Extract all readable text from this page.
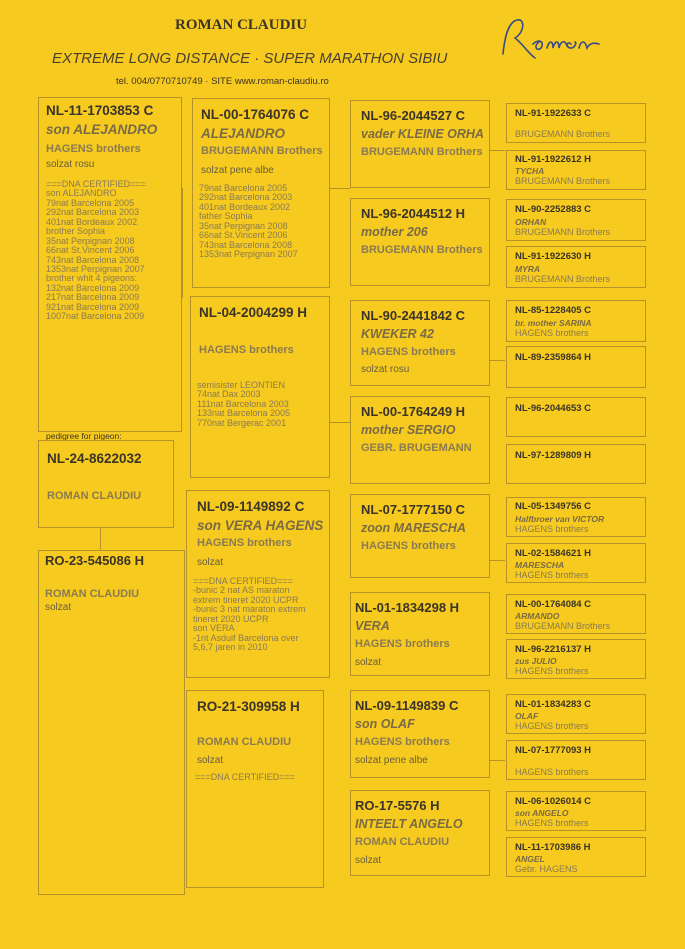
ROMAN CLAUDIU
EXTREME LONG DISTANCE · SUPER MARATHON SIBIU
tel. 004/0770710749 · SITE www.roman-claudiu.ro
NL-11-1703853 C
son ALEJANDRO
HAGENS brothers
solzat rosu
===DNA CERTIFIED===
son ALEJANDRO
79nat Barcelona 2005
292nat Barcelona 2003
401nat Bordeaux 2002
brother Sophia
35nat Perpignan 2008
66nat St.Vincent 2006
743nat Barcelona 2008
1353nat Perpignan 2007
brother whit 4 pigeons:
132nat Barcelona 2009
217nat Barcelona 2009
921nat Barcelona 2009
1007nat Barcelona 2009
pedigree for pigeon:
NL-24-8622032
ROMAN CLAUDIU
RO-23-545086 H
ROMAN CLAUDIU
solzat
NL-00-1764076 C
ALEJANDRO
BRUGEMANN Brothers
solzat pene albe
79nat Barcelona 2005
292nat Barcelona 2003
401nat Bordeaux 2002
father Sophia
35nat Perpignan 2008
66nat St.Vincent 2006
743nat Barcelona 2008
1353nat Perpignan 2007
NL-04-2004299 H
HAGENS brothers
semisister LEONTIEN
74nat Dax 2003
111nat Barcelona 2003
133nat Barcelona 2005
770nat Bergerac 2001
NL-09-1149892 C
son VERA HAGENS
HAGENS brothers
solzat
===DNA CERTIFIED===
-bunic 2 nat AS maraton
extrem tineret 2020 UCPR
-bunic 3 nat maraton extrem
tineret 2020 UCPR
son VERA
-1nt Asduif Barcelona over
5,6,7 jaren in 2010
RO-21-309958 H
ROMAN CLAUDIU
solzat
===DNA CERTIFIED===
NL-96-2044527 C
vader KLEINE ORHA
BRUGEMANN Brothers
NL-96-2044512 H
mother 206
BRUGEMANN Brothers
NL-90-2441842 C
KWEKER 42
HAGENS brothers
solzat rosu
NL-00-1764249 H
mother SERGIO
GEBR. BRUGEMANN
NL-07-1777150 C
zoon MARESCHA
HAGENS brothers
NL-01-1834298 H
VERA
HAGENS brothers
solzat
NL-09-1149839 C
son OLAF
HAGENS brothers
solzat pene albe
RO-17-5576 H
INTEELT ANGELO
ROMAN CLAUDIU
solzat
NL-91-1922633 C
BRUGEMANN Brothers
NL-91-1922612 H
TYCHA
BRUGEMANN Brothers
NL-90-2252883 C
ORHAN
BRUGEMANN Brothers
NL-91-1922630 H
MYRA
BRUGEMANN Brothers
NL-85-1228405 C
br. mother SARINA
HAGENS brothers
NL-89-2359864 H
NL-96-2044653 C
NL-97-1289809 H
NL-05-1349756 C
Halfbroer van VICTOR
HAGENS brothers
NL-02-1584621 H
MARESCHA
HAGENS brothers
NL-00-1764084 C
ARMANDO
BRUGEMANN Brothers
NL-96-2216137 H
zus JULIO
HAGENS brothers
NL-01-1834283 C
OLAF
HAGENS brothers
NL-07-1777093 H
HAGENS brothers
NL-06-1026014 C
son ANGELO
HAGENS brothers
NL-11-1703986 H
ANGEL
Gebr. HAGENS
